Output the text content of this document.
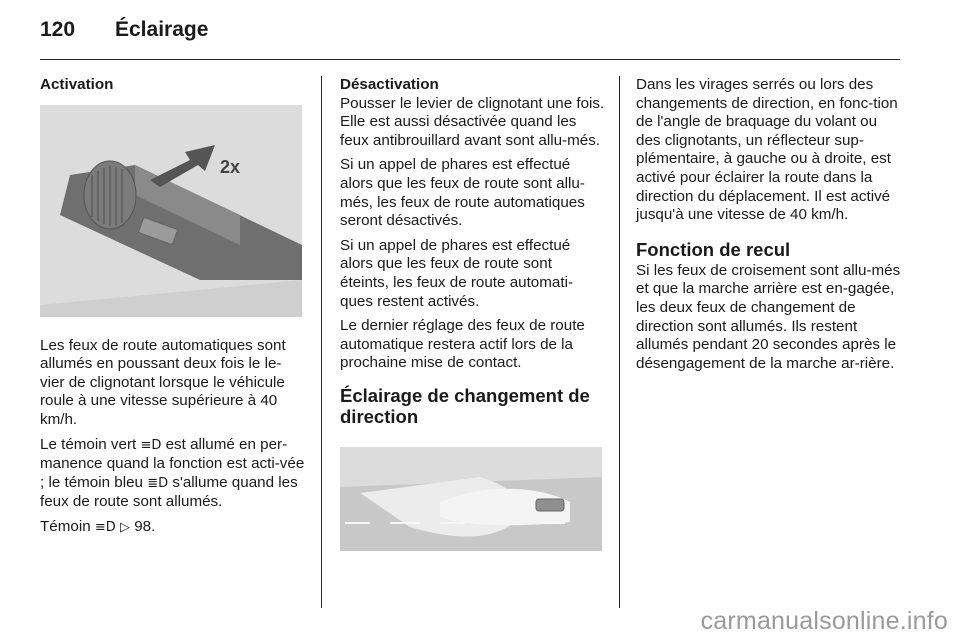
120 Éclairage

Activation

2x

Les feux de route automatiques sont allumés en poussant deux fois le le-vier de clignotant lorsque le véhicule roule à une vitesse supérieure à 40 km/h.

Le témoin vert ≡D est allumé en per-manence quand la fonction est acti-vée ; le témoin bleu ≣D s'allume quand les feux de route sont allumés.

Témoin ≡D ▷ 98.

Désactivation

Pousser le levier de clignotant une fois. Elle est aussi désactivée quand les feux antibrouillard avant sont allu-més.

Si un appel de phares est effectué alors que les feux de route sont allu-més, les feux de route automatiques seront désactivés.

Si un appel de phares est effectué alors que les feux de route sont éteints, les feux de route automati-ques restent activés.

Le dernier réglage des feux de route automatique restera actif lors de la prochaine mise de contact.

Éclairage de changement de direction

Dans les virages serrés ou lors des changements de direction, en fonc-tion de l'angle de braquage du volant ou des clignotants, un réflecteur sup-plémentaire, à gauche ou à droite, est activé pour éclairer la route dans la direction du déplacement. Il est activé jusqu'à une vitesse de 40 km/h.

Fonction de recul

Si les feux de croisement sont allu-més et que la marche arrière est en-gagée, les deux feux de changement de direction sont allumés. Ils restent allumés pendant 20 secondes après le désengagement de la marche ar-rière.

carmanualsonline.info
